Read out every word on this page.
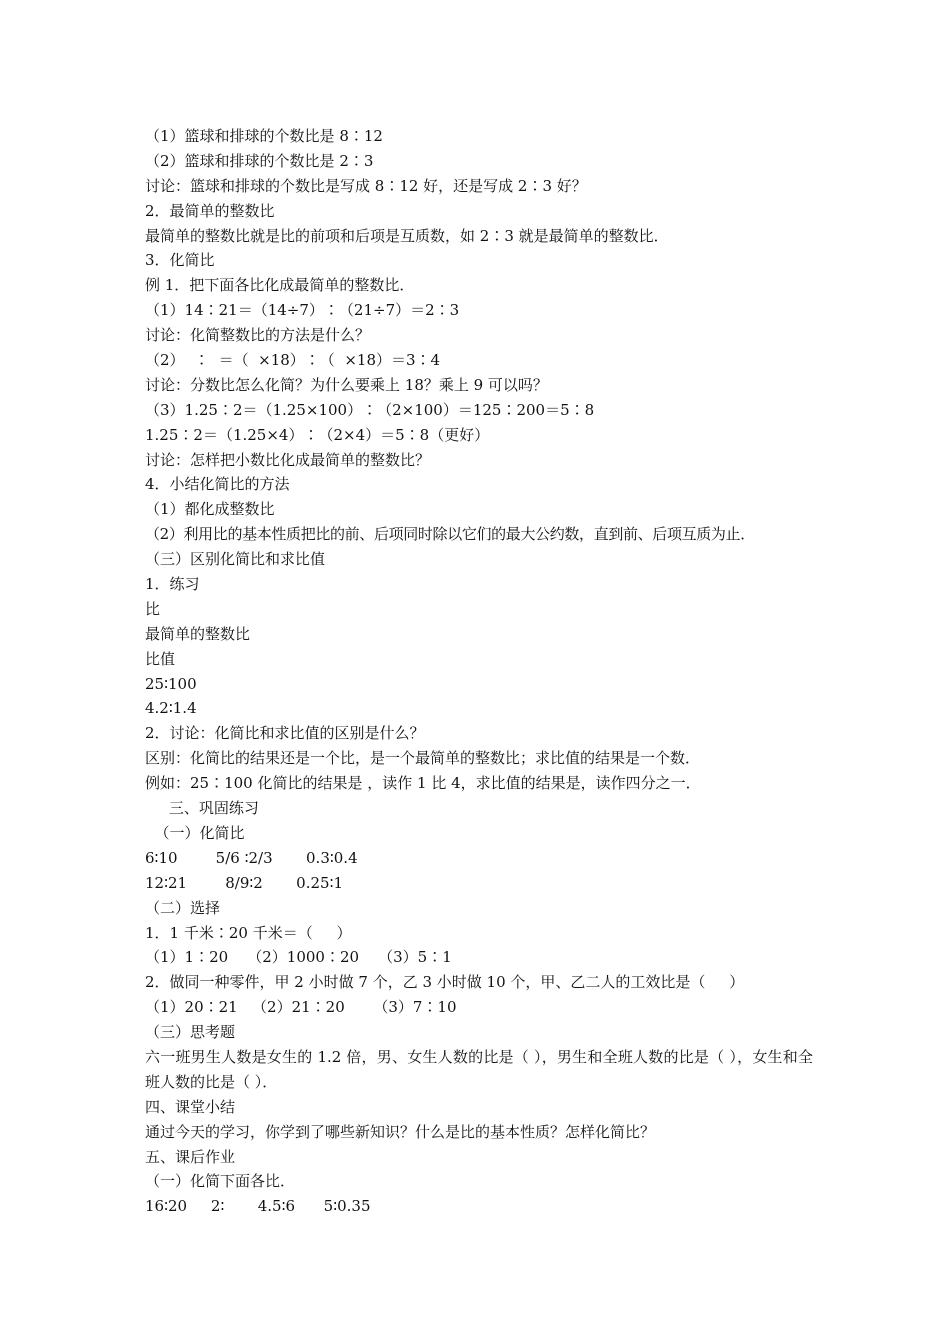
（1）篮球和排球的个数比是 8∶12
（2）篮球和排球的个数比是 2∶3
讨论：篮球和排球的个数比是写成 8∶12 好，还是写成 2∶3 好？
2．最简单的整数比
最简单的整数比就是比的前项和后项是互质数，如 2∶3 就是最简单的整数比．
3．化简比
例 1．把下面各比化成最简单的整数比．
（1）14∶21＝（14÷7）∶（21÷7）＝2∶3
讨论：化简整数比的方法是什么？
（2）  ∶  ＝（  ×18）∶（  ×18）＝3∶4
讨论：分数比怎么化简？为什么要乘上 18？乘上 9 可以吗？
（3）1.25∶2＝（1.25×100）∶（2×100）＝125∶200＝5∶8
1.25∶2＝（1.25×4）∶（2×4）＝5∶8（更好）
讨论：怎样把小数比化成最简单的整数比？
4．小结化简比的方法
（1）都化成整数比
（2）利用比的基本性质把比的前、后项同时除以它们的最大公约数，直到前、后项互质为止．
（三）区别化简比和求比值
1．练习
比
最简单的整数比
比值
25∶100
4.2∶1.4
2．讨论：化简比和求比值的区别是什么？
区别：化简比的结果还是一个比，是一个最简单的整数比；求比值的结果是一个数．
例如：25∶100 化简比的结果是 ，读作 1 比 4，求比值的结果是，读作四分之一．
三、巩固练习
（一）化简比
6∶10        5/6 ∶2/3       0.3∶0.4
12∶21        8/9∶2       0.25∶1
（二）选择
1．1 千米∶20 千米＝（     ）
（1）1∶20    （2）1000∶20    （3）5∶1
2．做同一种零件，甲 2 小时做 7 个，乙 3 小时做 10 个，甲、乙二人的工效比是（     ）
（1）20∶21   （2）21∶20      （3）7∶10
（三）思考题
六一班男生人数是女生的 1.2 倍，男、女生人数的比是（ ），男生和全班人数的比是（ ），女生和全班人数的比是（ ）．
四、课堂小结
通过今天的学习，你学到了哪些新知识？什么是比的基本性质？怎样化简比？
五、课后作业
（一）化简下面各比．
16∶20     2∶       4.5∶6      5∶0.35
